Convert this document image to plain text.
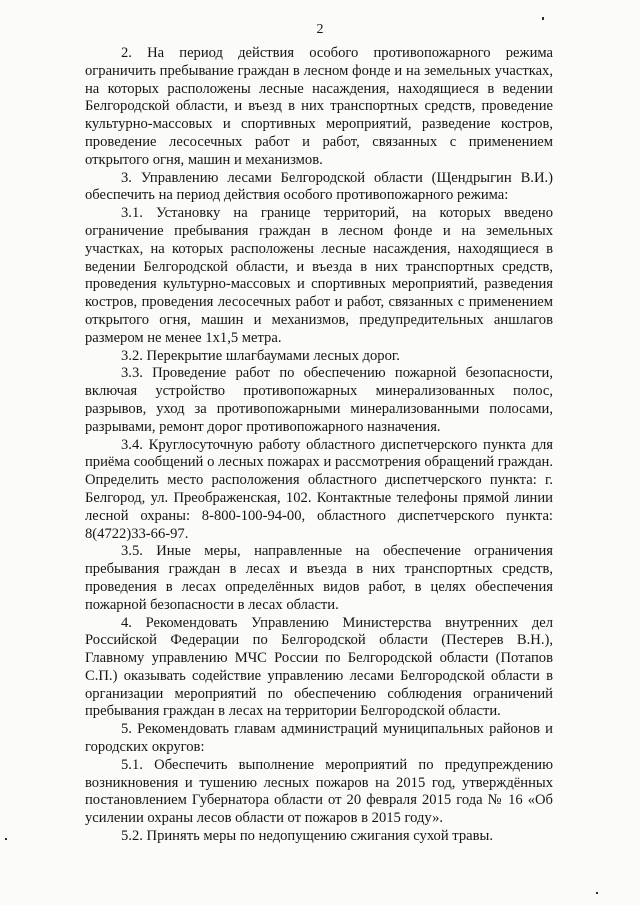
2

2. На период действия особого противопожарного режима ограничить пребывание граждан в лесном фонде и на земельных участках, на которых расположены лесные насаждения, находящиеся в ведении Белгородской области, и въезд в них транспортных средств, проведение культурно-массовых и спортивных мероприятий, разведение костров, проведение лесосечных работ и работ, связанных с применением открытого огня, машин и механизмов.

3. Управлению лесами Белгородской области (Щендрыгин В.И.) обеспечить на период действия особого противопожарного режима:

3.1. Установку на границе территорий, на которых введено ограничение пребывания граждан в лесном фонде и на земельных участках, на которых расположены лесные насаждения, находящиеся в ведении Белгородской области, и въезда в них транспортных средств, проведения культурно-массовых и спортивных мероприятий, разведения костров, проведения лесосечных работ и работ, связанных с применением открытого огня, машин и механизмов, предупредительных аншлагов размером не менее 1х1,5 метра.

3.2. Перекрытие шлагбаумами лесных дорог.

3.3. Проведение работ по обеспечению пожарной безопасности, включая устройство противопожарных минерализованных полос, разрывов, уход за противопожарными минерализованными полосами, разрывами, ремонт дорог противопожарного назначения.

3.4. Круглосуточную работу областного диспетчерского пункта для приёма сообщений о лесных пожарах и рассмотрения обращений граждан. Определить место расположения областного диспетчерского пункта: г. Белгород, ул. Преображенская, 102. Контактные телефоны прямой линии лесной охраны: 8-800-100-94-00, областного диспетчерского пункта: 8(4722)33-66-97.

3.5. Иные меры, направленные на обеспечение ограничения пребывания граждан в лесах и въезда в них транспортных средств, проведения в лесах определённых видов работ, в целях обеспечения пожарной безопасности в лесах области.

4. Рекомендовать Управлению Министерства внутренних дел Российской Федерации по Белгородской области (Пестерев В.Н.), Главному управлению МЧС России по Белгородской области (Потапов С.П.) оказывать содействие управлению лесами Белгородской области в организации мероприятий по обеспечению соблюдения ограничений пребывания граждан в лесах на территории Белгородской области.

5. Рекомендовать главам администраций муниципальных районов и городских округов:

5.1. Обеспечить выполнение мероприятий по предупреждению возникновения и тушению лесных пожаров на 2015 год, утверждённых постановлением Губернатора области от 20 февраля 2015 года № 16 «Об усилении охраны лесов области от пожаров в 2015 году».

5.2. Принять меры по недопущению сжигания сухой травы.
